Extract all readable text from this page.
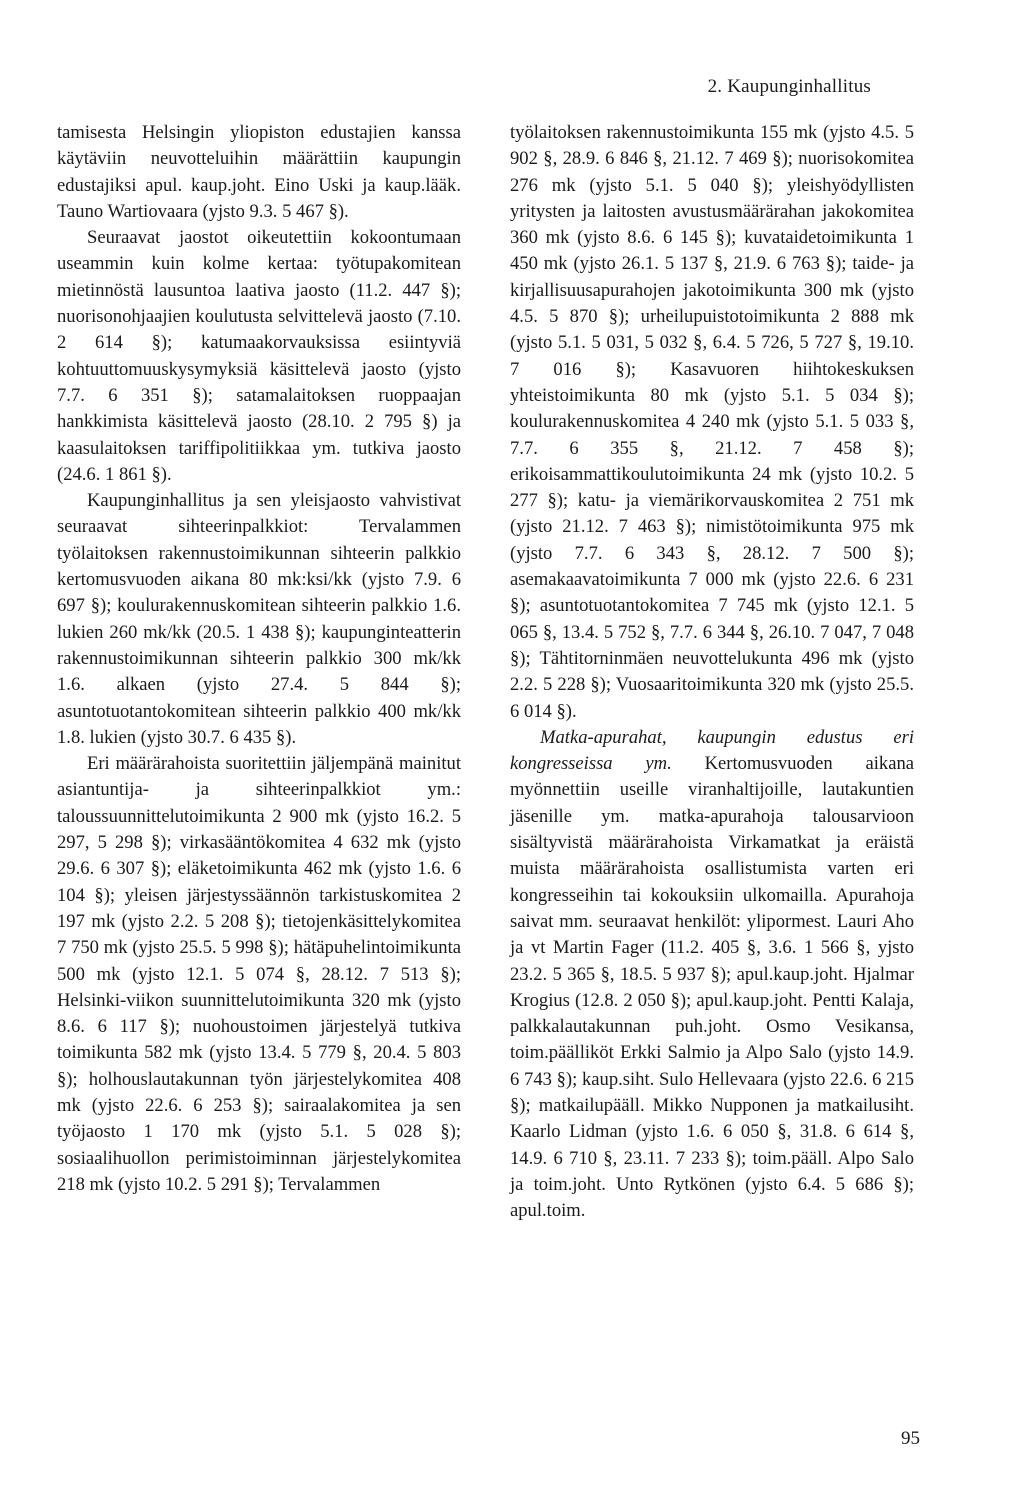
2. Kaupunginhallitus

tamisesta Helsingin yliopiston edustajien kanssa käytäviin neuvotteluihin määrättiin kaupungin edustajiksi apul. kaup.joht. Eino Uski ja kaup.lääk. Tauno Wartiovaara (yjsto 9.3. 5 467 §).

Seuraavat jaostot oikeutettiin kokoontumaan useammin kuin kolme kertaa: työtupakomitean mietinnöstä lausuntoa laativa jaosto (11.2. 447 §); nuorisonohjaajien koulutusta selvittelevä jaosto (7.10. 2 614 §); katumaakorvauksissa esiintyviä kohtuuttomuuskysymyksiä käsittelevä jaosto (yjsto 7.7. 6 351 §); satamalaitoksen ruoppaajan hankkimista käsittelevä jaosto (28.10. 2 795 §) ja kaasulaitoksen tariffipolitiikkaa ym. tutkiva jaosto (24.6. 1 861 §).

Kaupunginhallitus ja sen yleisjaosto vahvistivat seuraavat sihteerinpalkkiot: Tervalammen työlaitoksen rakennustoimikunnan sihteerin palkkio kertomusvuoden aikana 80 mk:ksi/kk (yjsto 7.9. 6 697 §); koulurakennuskomitean sihteerin palkkio 1.6. lukien 260 mk/kk (20.5. 1 438 §); kaupunginteatterin rakennustoimikunnan sihteerin palkkio 300 mk/kk 1.6. alkaen (yjsto 27.4. 5 844 §); asuntotuotantokomitean sihteerin palkkio 400 mk/kk 1.8. lukien (yjsto 30.7. 6 435 §).

Eri määrärahoista suoritettiin jäljempänä mainitut asiantuntija- ja sihteerinpalkkiot ym.: taloussuunnittelutoimikunta 2 900 mk (yjsto 16.2. 5 297, 5 298 §); virkasääntökomitea 4 632 mk (yjsto 29.6. 6 307 §); eläketoimikunta 462 mk (yjsto 1.6. 6 104 §); yleisen järjestyssäännön tarkistuskomitea 2 197 mk (yjsto 2.2. 5 208 §); tietojenkäsittelykomitea 7 750 mk (yjsto 25.5. 5 998 §); hätäpuhelintoimikunta 500 mk (yjsto 12.1. 5 074 §, 28.12. 7 513 §); Helsinki-viikon suunnittelutoimikunta 320 mk (yjsto 8.6. 6 117 §); nuohoustoimen järjestelyä tutkiva toimikunta 582 mk (yjsto 13.4. 5 779 §, 20.4. 5 803 §); holhouslautakunnan työn järjestelykomitea 408 mk (yjsto 22.6. 6 253 §); sairaalakomitea ja sen työjaosto 1 170 mk (yjsto 5.1. 5 028 §); sosiaalihuollon perimistoiminnan järjestelykomitea 218 mk (yjsto 10.2. 5 291 §); Tervalammen

työlaitoksen rakennustoimikunta 155 mk (yjsto 4.5. 5 902 §, 28.9. 6 846 §, 21.12. 7 469 §); nuorisokomitea 276 mk (yjsto 5.1. 5 040 §); yleishyödyllisten yritysten ja laitosten avustusmäärärahan jakokomitea 360 mk (yjsto 8.6. 6 145 §); kuvataidetoimikunta 1 450 mk (yjsto 26.1. 5 137 §, 21.9. 6 763 §); taide- ja kirjallisuusapurahojen jakotoimikunta 300 mk (yjsto 4.5. 5 870 §); urheilupuistotoimikunta 2 888 mk (yjsto 5.1. 5 031, 5 032 §, 6.4. 5 726, 5 727 §, 19.10. 7 016 §); Kasavuoren hiihtokeskuksen yhteistoimikunta 80 mk (yjsto 5.1. 5 034 §); koulurakennuskomitea 4 240 mk (yjsto 5.1. 5 033 §, 7.7. 6 355 §, 21.12. 7 458 §); erikoisammattikoulutoimikunta 24 mk (yjsto 10.2. 5 277 §); katu- ja viemärikorvauskomitea 2 751 mk (yjsto 21.12. 7 463 §); nimistötoimikunta 975 mk (yjsto 7.7. 6 343 §, 28.12. 7 500 §); asemakaavatoimikunta 7 000 mk (yjsto 22.6. 6 231 §); asuntotuotantokomitea 7 745 mk (yjsto 12.1. 5 065 §, 13.4. 5 752 §, 7.7. 6 344 §, 26.10. 7 047, 7 048 §); Tähtitorninmäen neuvottelukunta 496 mk (yjsto 2.2. 5 228 §); Vuosaaritoimikunta 320 mk (yjsto 25.5. 6 014 §).

Matka-apurahat, kaupungin edustus eri kongresseissa ym. Kertomusvuoden aikana myönnettiin useille viranhaltijoille, lautakuntien jäsenille ym. matka-apurahoja talousarvioon sisältyvistä määrärahoista Virkamatkat ja eräistä muista määrärahoista osallistumista varten eri kongresseihin tai kokouksiin ulkomailla. Apurahoja saivat mm. seuraavat henkilöt: ylipormest. Lauri Aho ja vt Martin Fager (11.2. 405 §, 3.6. 1 566 §, yjsto 23.2. 5 365 §, 18.5. 5 937 §); apul.kaup.joht. Hjalmar Krogius (12.8. 2 050 §); apul.kaup.joht. Pentti Kalaja, palkkalautakunnan puh.joht. Osmo Vesikansa, toim.päälliköt Erkki Salmio ja Alpo Salo (yjsto 14.9. 6 743 §); kaup.siht. Sulo Hellevaara (yjsto 22.6. 6 215 §); matkailupääll. Mikko Nupponen ja matkailusiht. Kaarlo Lidman (yjsto 1.6. 6 050 §, 31.8. 6 614 §, 14.9. 6 710 §, 23.11. 7 233 §); toim.pääll. Alpo Salo ja toim.joht. Unto Rytkönen (yjsto 6.4. 5 686 §); apul.toim.

95
